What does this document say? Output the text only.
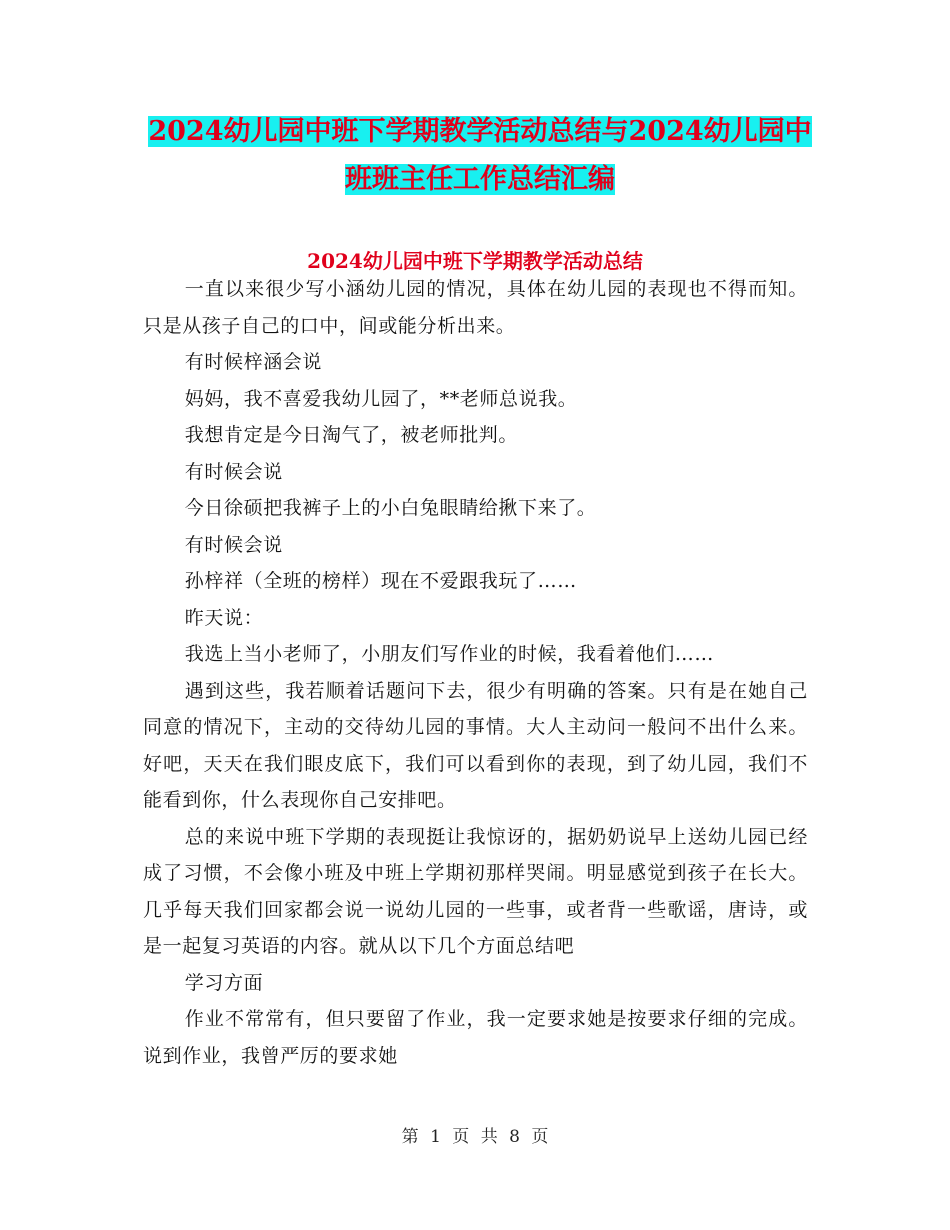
2024幼儿园中班下学期教学活动总结与2024幼儿园中
班班主任工作总结汇编
2024幼儿园中班下学期教学活动总结

一直以来很少写小涵幼儿园的情况，具体在幼儿园的表现也不得而知。只是从孩子自己的口中，间或能分析出来。

有时候梓涵会说

妈妈，我不喜爱我幼儿园了，**老师总说我。

我想肯定是今日淘气了，被老师批判。

有时候会说

今日徐硕把我裤子上的小白兔眼睛给揪下来了。

有时候会说

孙梓祥（全班的榜样）现在不爱跟我玩了……

昨天说：

我选上当小老师了，小朋友们写作业的时候，我看着他们……

遇到这些，我若顺着话题问下去，很少有明确的答案。只有是在她自己同意的情况下，主动的交待幼儿园的事情。大人主动问一般问不出什么来。好吧，天天在我们眼皮底下，我们可以看到你的表现，到了幼儿园，我们不能看到你，什么表现你自己安排吧。

总的来说中班下学期的表现挺让我惊讶的，据奶奶说早上送幼儿园已经成了习惯，不会像小班及中班上学期初那样哭闹。明显感觉到孩子在长大。几乎每天我们回家都会说一说幼儿园的一些事，或者背一些歌谣，唐诗，或是一起复习英语的内容。就从以下几个方面总结吧

学习方面

作业不常常有，但只要留了作业，我一定要求她是按要求仔细的完成。说到作业，我曾严厉的要求她

第 1 页 共 8 页
